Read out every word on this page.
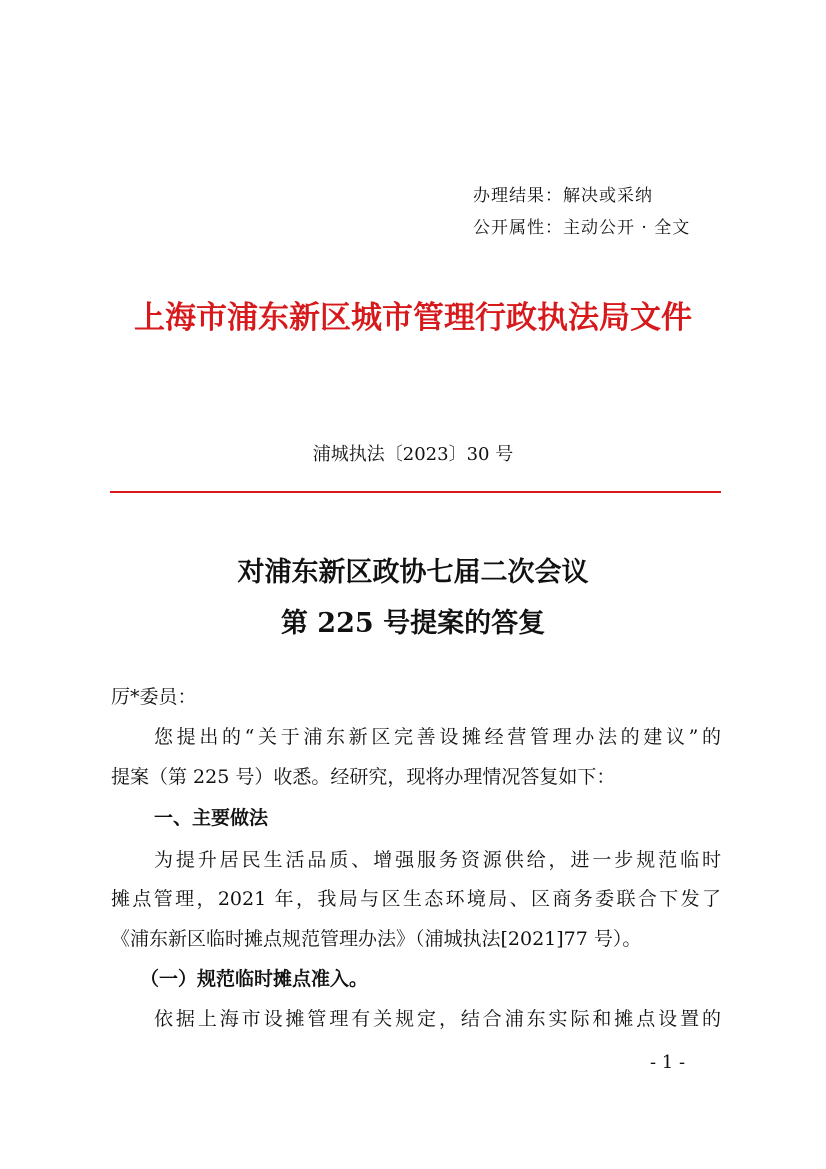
办理结果：解决或采纳
公开属性：主动公开 · 全文
上海市浦东新区城市管理行政执法局文件
浦城执法〔2023〕30 号
对浦东新区政协七届二次会议
第 225 号提案的答复
厉*委员：
您提出的“关于浦东新区完善设摊经营管理办法的建议”的
提案（第 225 号）收悉。经研究，现将办理情况答复如下：
一、主要做法
为提升居民生活品质、增强服务资源供给，进一步规范临时
摊点管理，2021 年，我局与区生态环境局、区商务委联合下发了
《浦东新区临时摊点规范管理办法》（浦城执法[2021]77 号）。
（一）规范临时摊点准入。
依据上海市设摊管理有关规定，结合浦东实际和摊点设置的
- 1 -
